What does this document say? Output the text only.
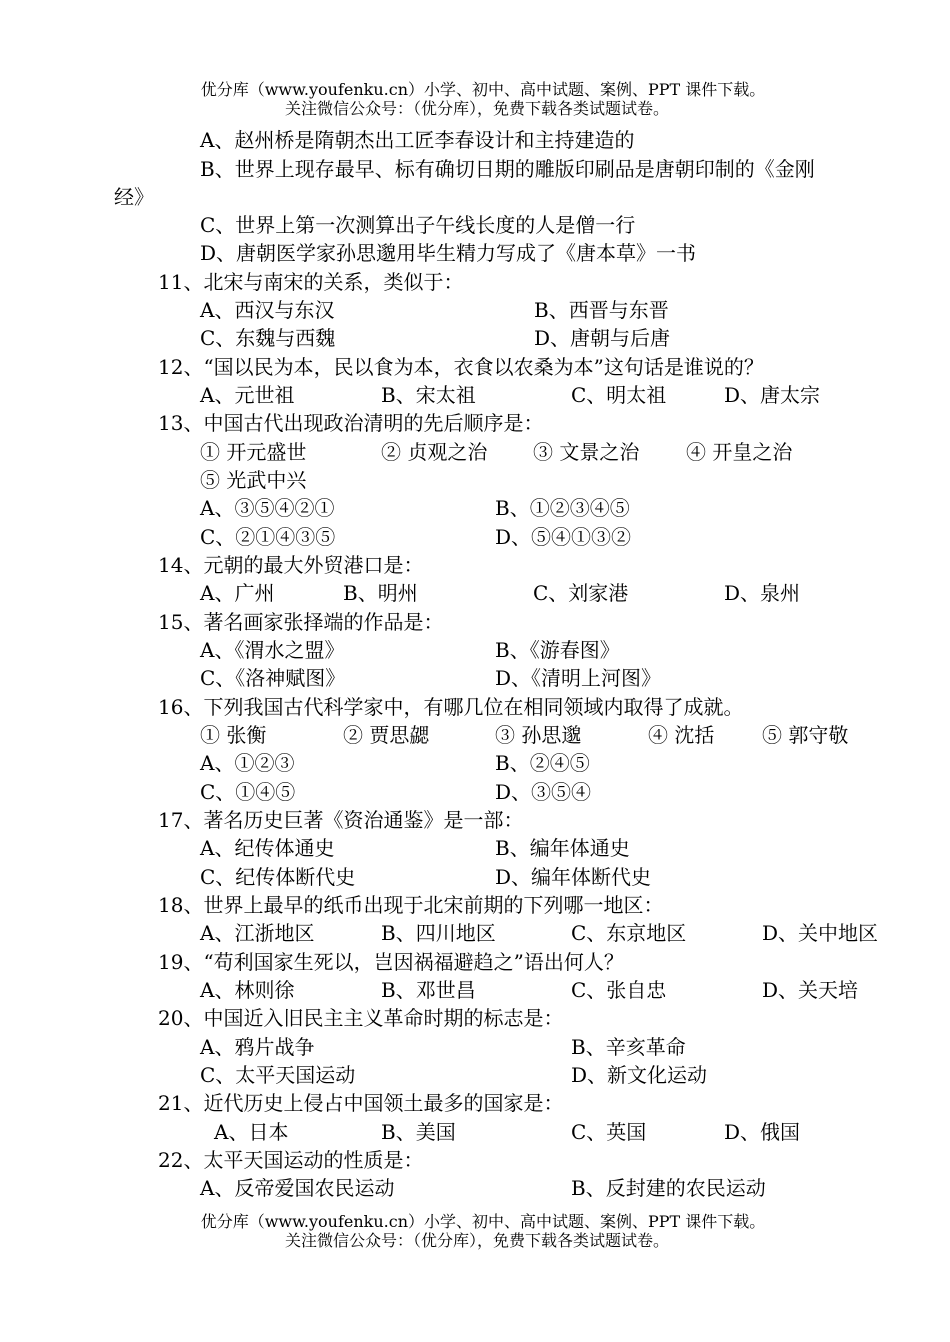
优分库（www.youfenku.cn）小学、初中、高中试题、案例、PPT 课件下载。
关注微信公众号：（优分库），免费下载各类试题试卷。
A、赵州桥是隋朝杰出工匠李春设计和主持建造的
B、世界上现存最早、标有确切日期的雕版印刷品是唐朝印制的《金刚
经》
C、世界上第一次测算出子午线长度的人是僧一行
D、唐朝医学家孙思邈用毕生精力写成了《唐本草》一书
11、北宋与南宋的关系，类似于：
A、西汉与东汉	B、西晋与东晋
C、东魏与西魏	D、唐朝与后唐
12、“国以民为本，民以食为本，衣食以农桑为本”这句话是谁说的？
A、元世祖	B、宋太祖	C、明太祖	D、唐太宗
13、中国古代出现政治清明的先后顺序是：
① 开元盛世	② 贞观之治 ③ 文景之治 ④ 开皇之治
⑤ 光武中兴
A、③⑤④②①	B、①②③④⑤
C、②①④③⑤	D、⑤④①③②
14、元朝的最大外贸港口是：
A、广州	B、明州	C、刘家港	D、泉州
15、著名画家张择端的作品是：
A、《渭水之盟》	B、《游春图》
C、《洛神赋图》	D、《清明上河图》
16、下列我国古代科学家中，有哪几位在相同领域内取得了成就。
① 张衡	② 贾思勰	③ 孙思邈	④ 沈括 ⑤ 郭守敬
A、①②③	B、②④⑤
C、①④⑤	D、③⑤④
17、著名历史巨著《资治通鉴》是一部：
A、纪传体通史	B、编年体通史
C、纪传体断代史	D、编年体断代史
18、世界上最早的纸币出现于北宋前期的下列哪一地区：
A、江浙地区	B、四川地区	C、东京地区	D、关中地区
19、“苟利国家生死以，岂因祸福避趋之”语出何人？
A、林则徐	B、邓世昌	C、张自忠	D、关天培
20、中国近入旧民主主义革命时期的标志是：
A、鸦片战争	B、辛亥革命
C、太平天国运动	D、新文化运动
21、近代历史上侵占中国领土最多的国家是：
A、日本	B、美国	C、英国	D、俄国
22、太平天国运动的性质是：
A、反帝爱国农民运动	B、反封建的农民运动
优分库（www.youfenku.cn）小学、初中、高中试题、案例、PPT 课件下载。
关注微信公众号：（优分库），免费下载各类试题试卷。
